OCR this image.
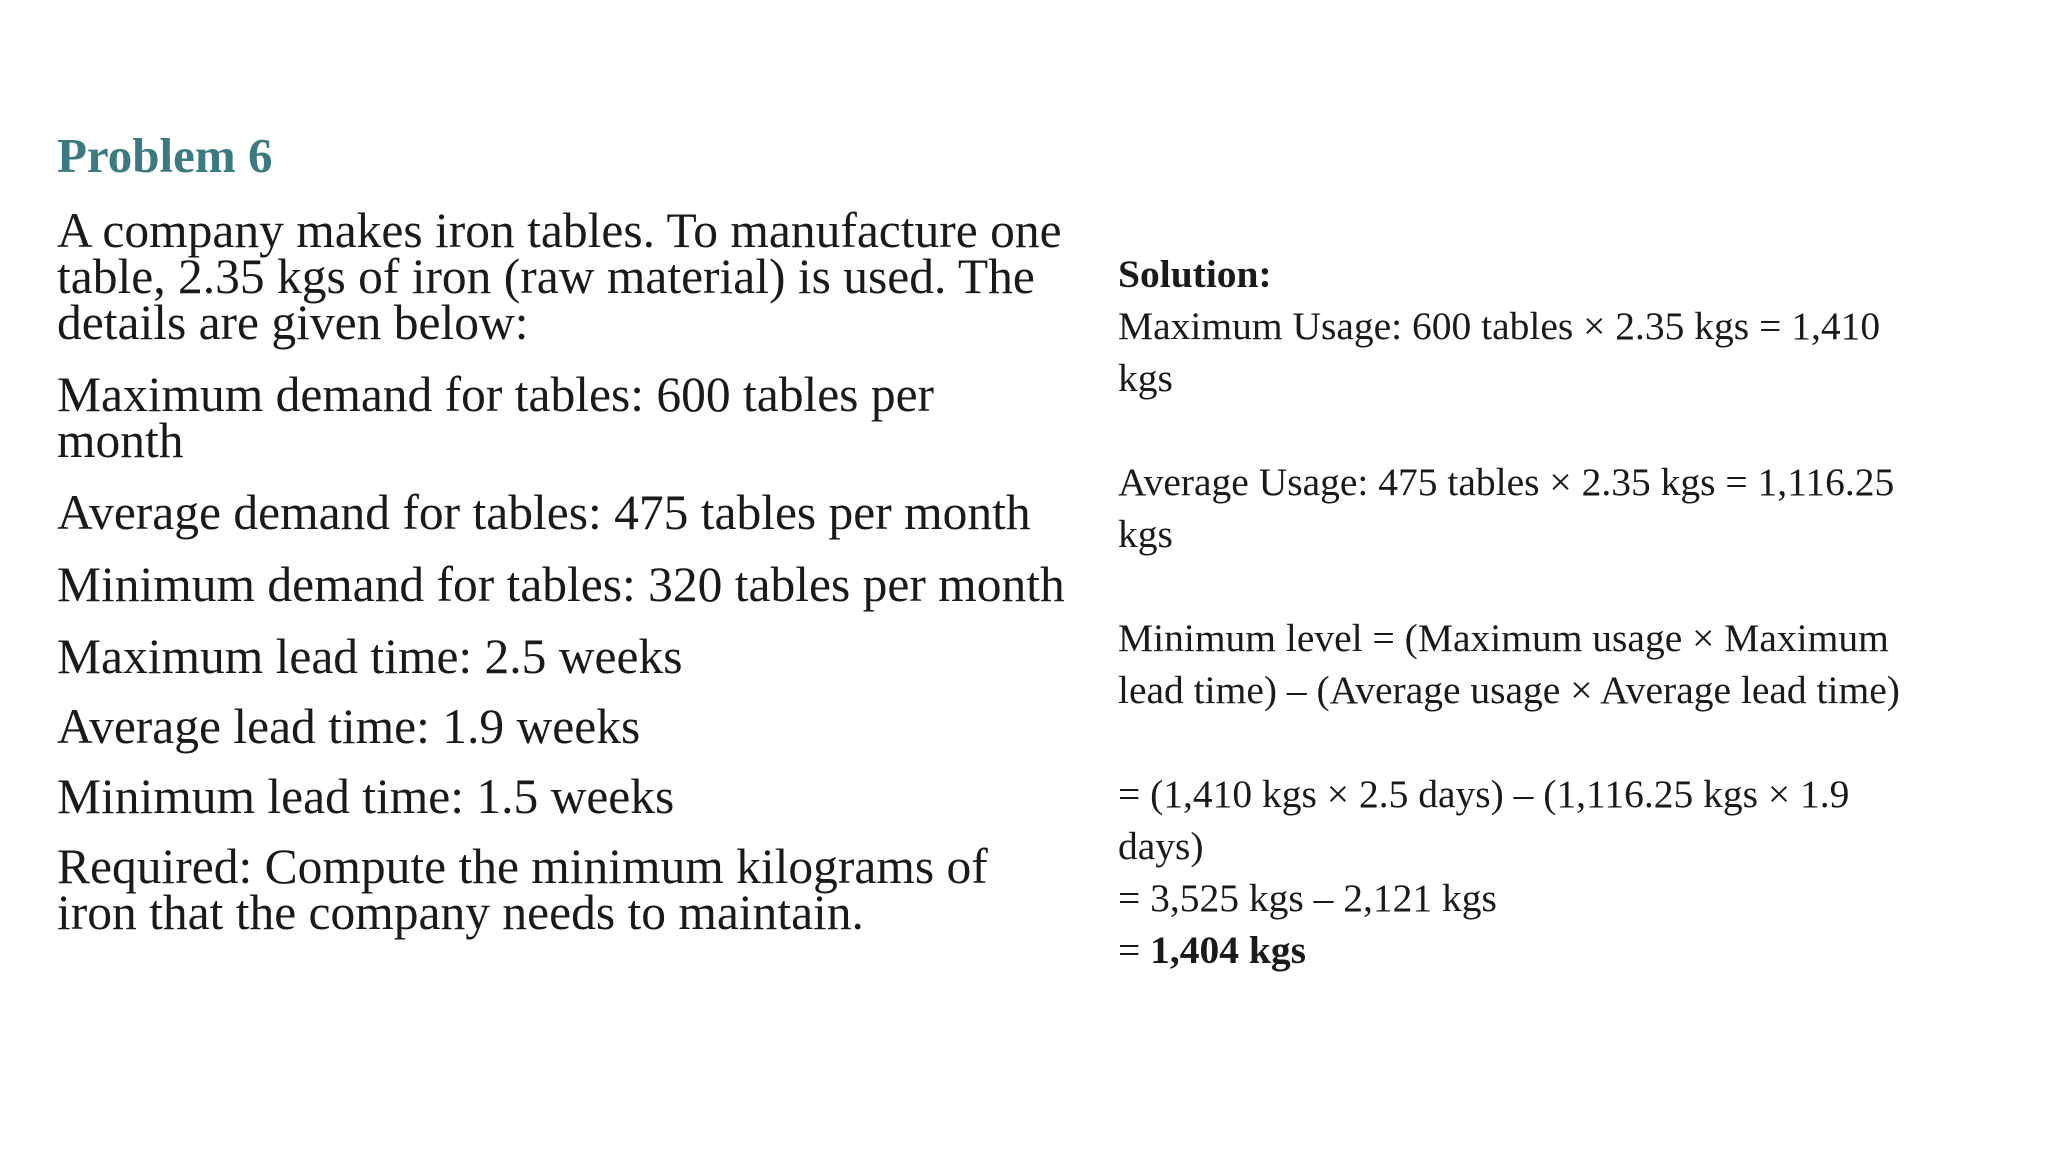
Problem 6

A company makes iron tables. To manufacture one table, 2.35 kgs of iron (raw material) is used. The details are given below:

Maximum demand for tables: 600 tables per month

Average demand for tables: 475 tables per month

Minimum demand for tables: 320 tables per month

Maximum lead time: 2.5 weeks

Average lead time: 1.9 weeks

Minimum lead time: 1.5 weeks

Required: Compute the minimum kilograms of iron that the company needs to maintain.

Solution:
Maximum Usage: 600 tables × 2.35 kgs = 1,410
kgs
Average Usage: 475 tables × 2.35 kgs = 1,116.25
kgs
Minimum level = (Maximum usage × Maximum
lead time) – (Average usage × Average lead time)
= (1,410 kgs × 2.5 days) – (1,116.25 kgs × 1.9
days)
= 3,525 kgs – 2,121 kgs
= 1,404 kgs
